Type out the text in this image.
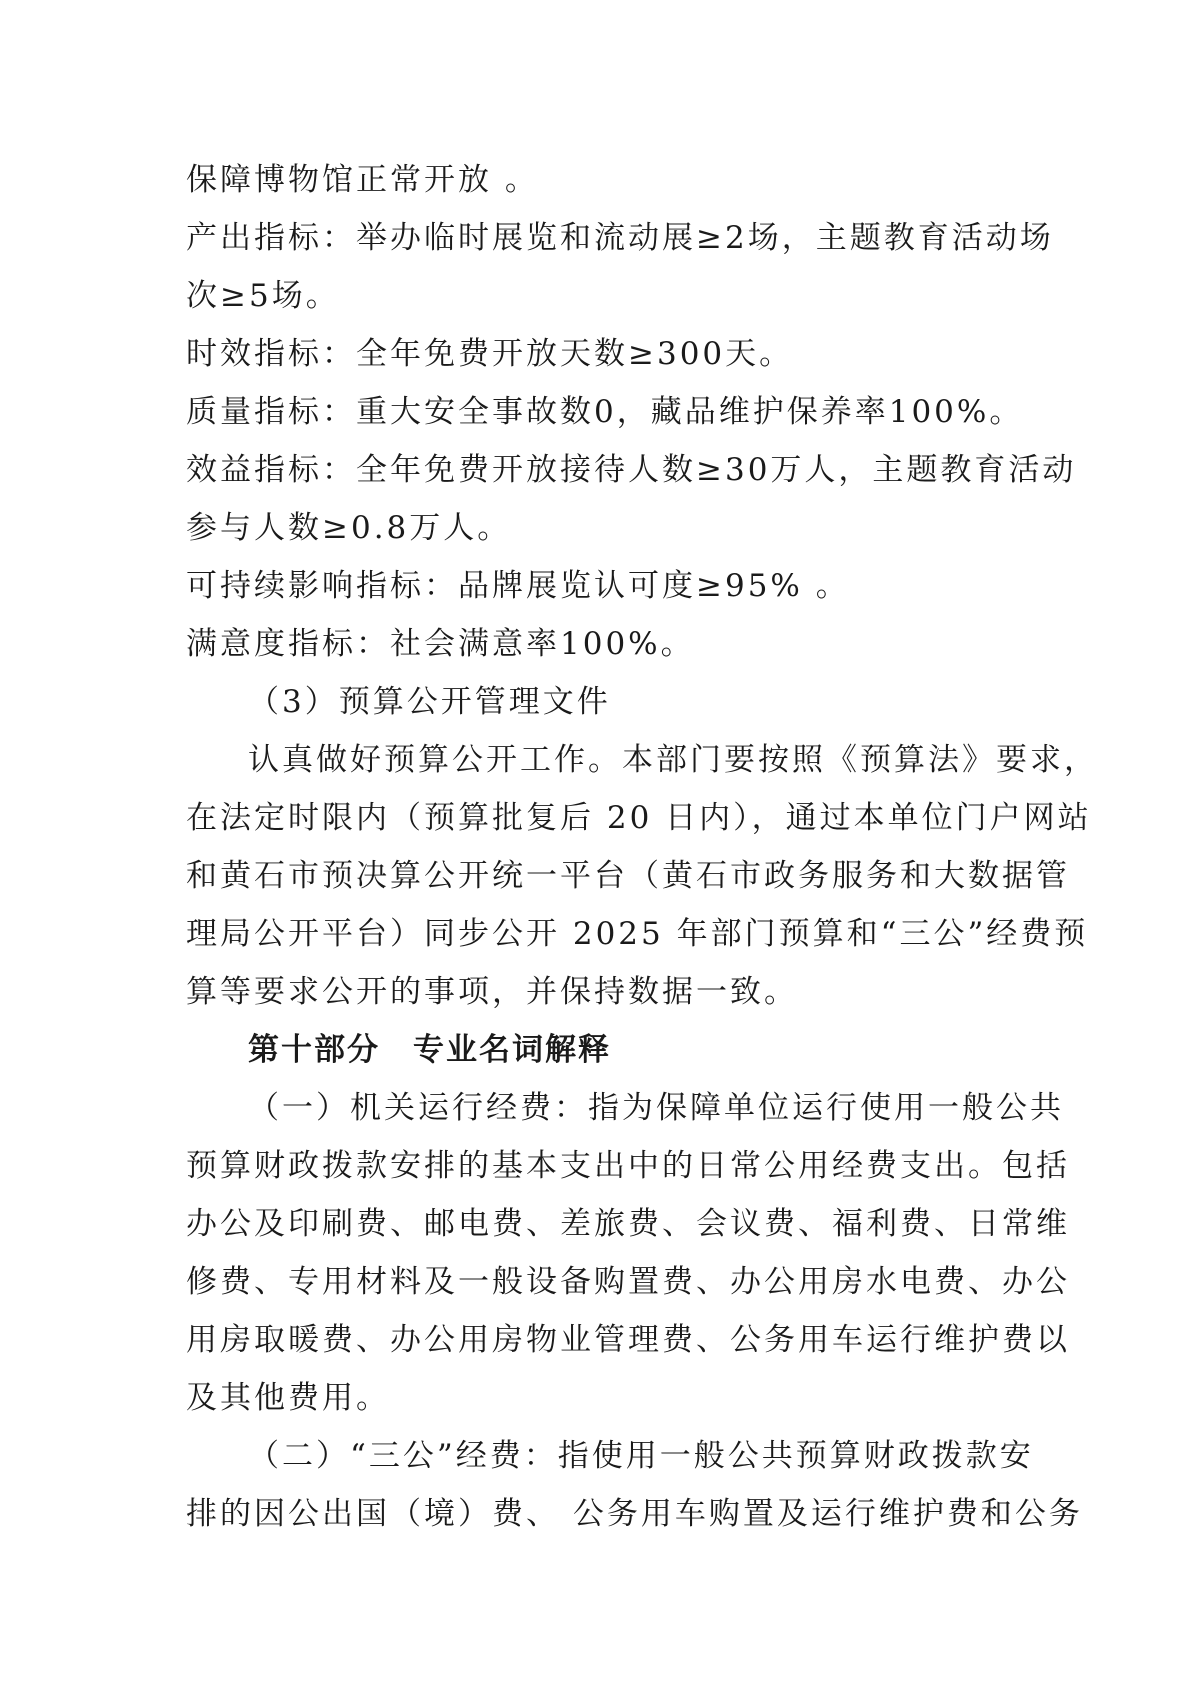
保障博物馆正常开放 。
产出指标：举办临时展览和流动展≥2场，主题教育活动场
次≥5场。
时效指标：全年免费开放天数≥300天。
质量指标：重大安全事故数0，藏品维护保养率100%。
效益指标：全年免费开放接待人数≥30万人，主题教育活动
参与人数≥0.8万人。
可持续影响指标：品牌展览认可度≥95% 。
满意度指标：社会满意率100%。
（3）预算公开管理文件
认真做好预算公开工作。本部门要按照《预算法》要求，
在法定时限内（预算批复后 20 日内），通过本单位门户网站
和黄石市预决算公开统一平台（黄石市政务服务和大数据管
理局公开平台）同步公开 2025 年部门预算和“三公”经费预
算等要求公开的事项，并保持数据一致。
第十部分　专业名词解释
（一）机关运行经费：指为保障单位运行使用一般公共
预算财政拨款安排的基本支出中的日常公用经费支出。包括
办公及印刷费、邮电费、差旅费、会议费、福利费、日常维
修费、专用材料及一般设备购置费、办公用房水电费、办公
用房取暖费、办公用房物业管理费、公务用车运行维护费以
及其他费用。
（二）“三公”经费：指使用一般公共预算财政拨款安
排的因公出国（境）费、 公务用车购置及运行维护费和公务
